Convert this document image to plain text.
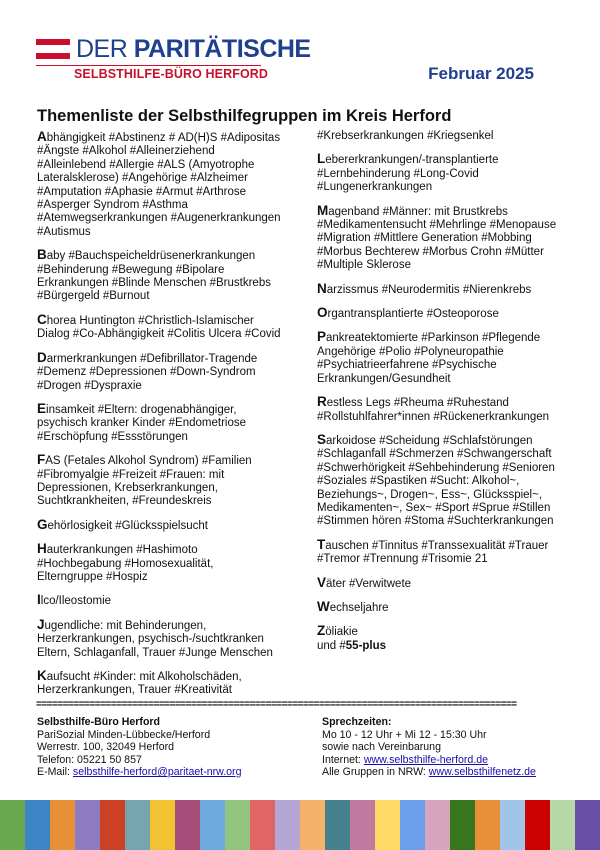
DER PARITÄTISCHE
SELBSTHILFE-BÜRO HERFORD	Februar 2025
Themenliste der Selbsthilfegruppen im Kreis Herford
Abhängigkeit #Abstinenz # AD(H)S #Adipositas #Ängste #Alkohol #Alleinerziehend #Alleinlebend #Allergie #ALS (Amyotrophe Lateralsklerose) #Angehörige #Alzheimer #Amputation #Aphasie #Armut #Arthrose #Asperger Syndrom #Asthma #Atemwegserkrankungen #Augenerkrankungen #Autismus
Baby #Bauchspeicheldrüsenerkrankungen #Behinderung #Bewegung #Bipolare Erkrankungen #Blinde Menschen #Brustkrebs #Bürgergeld #Burnout
Chorea Huntington #Christlich-Islamischer Dialog #Co-Abhängigkeit #Colitis Ulcera #Covid
Darmerkrankungen #Defibrillator-Tragende #Demenz #Depressionen #Down-Syndrom #Drogen #Dyspraxie
Einsamkeit #Eltern: drogenabhängiger, psychisch kranker Kinder #Endometriose #Erschöpfung #Essstörungen
FAS (Fetales Alkohol Syndrom) #Familien #Fibromyalgie #Freizeit #Frauen: mit Depressionen, Krebserkrankungen, Suchtkrankheiten, #Freundeskreis
Gehörlosigkeit #Glücksspielsucht
Hauterkrankungen #Hashimoto #Hochbegabung #Homosexualität, Elterngruppe #Hospiz
Ilco/Ileostomie
Jugendliche: mit Behinderungen, Herzerkrankungen, psychisch-/suchtkranken Eltern, Schlaganfall, Trauer #Junge Menschen
Kaufsucht #Kinder: mit Alkoholschäden, Herzerkrankungen, Trauer #Kreativität
#Krebserkrankungen #Kriegsenkel
Lebererkrankungen/-transplantierte #Lernbehinderung #Long-Covid #Lungenerkrankungen
Magenband #Männer: mit Brustkrebs #Medikamentensucht #Mehrlinge #Menopause #Migration #Mittlere Generation #Mobbing #Morbus Bechterew #Morbus Crohn #Mütter #Multiple Sklerose
Narzissmus #Neurodermitis #Nierenkrebs
Organtransplantierte #Osteoporose
Pankreatektomierte #Parkinson #Pflegende Angehörige #Polio #Polyneuropathie #Psychiatrieerfahrene #Psychische Erkrankungen/Gesundheit
Restless Legs #Rheuma #Ruhestand #Rollstuhlfahrer*innen #Rückenerkrankungen
Sarkoidose #Scheidung #Schlafstörungen #Schlaganfall #Schmerzen #Schwangerschaft #Schwerhörigkeit #Sehbehinderung #Senioren #Soziales #Spastiken #Sucht: Alkohol~, Beziehungs~, Drogen~, Ess~, Glücksspiel~, Medikamenten~, Sex~ #Sport #Sprue #Stillen #Stimmen hören #Stoma #Suchterkrankungen
Tauschen #Tinnitus #Transsexualität #Trauer #Tremor #Trennung #Trisomie 21
Väter #Verwitwete
Wechseljahre
Zöliakie
und #55-plus
==========================================================================================
Selbsthilfe-Büro Herford
PariSozial Minden-Lübbecke/Herford
Werrestr. 100, 32049 Herford
Telefon: 05221 50 857
E-Mail: selbsthilfe-herford@paritaet-nrw.org
Sprechzeiten:
Mo 10 - 12 Uhr + Mi 12 - 15:30 Uhr
sowie nach Vereinbarung
Internet: www.selbsthilfe-herford.de
Alle Gruppen in NRW: www.selbsthilfenetz.de
